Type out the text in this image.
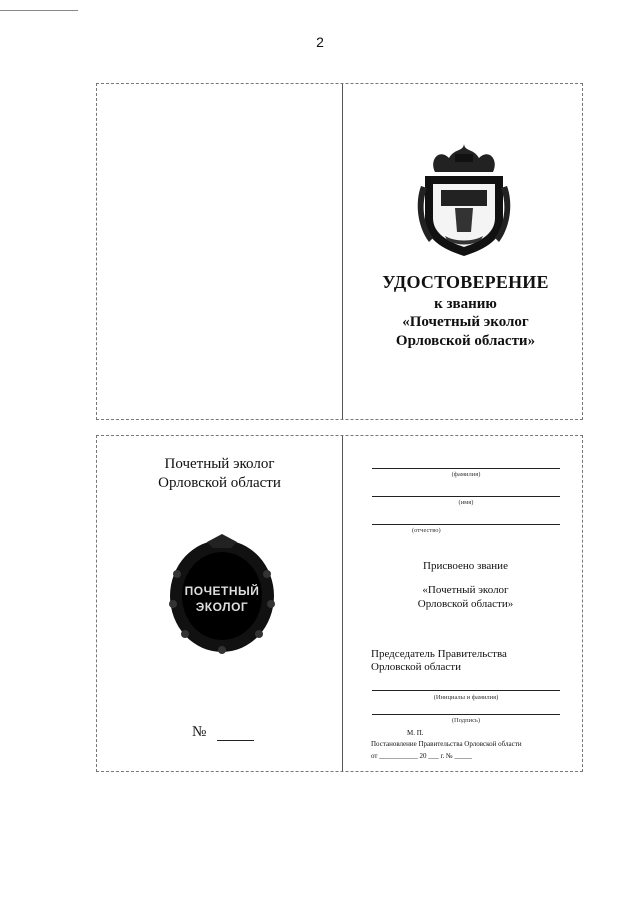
2
УДОСТОВЕРЕНИЕ
к званию
«Почетный эколог
Орловской области»
Почетный эколог
Орловской области
ПОЧЕТНЫЙ
ЭКОЛОГ
№
(фамилия)
(имя)
(отчество)
Присвоено звание
«Почетный эколог
Орловской области»
Председатель Правительства
Орловской области
(Инициалы и фамилия)
(Подпись)
М. П.
Постановление Правительства Орловской области
от ___________ 20 ___ г. № _____
